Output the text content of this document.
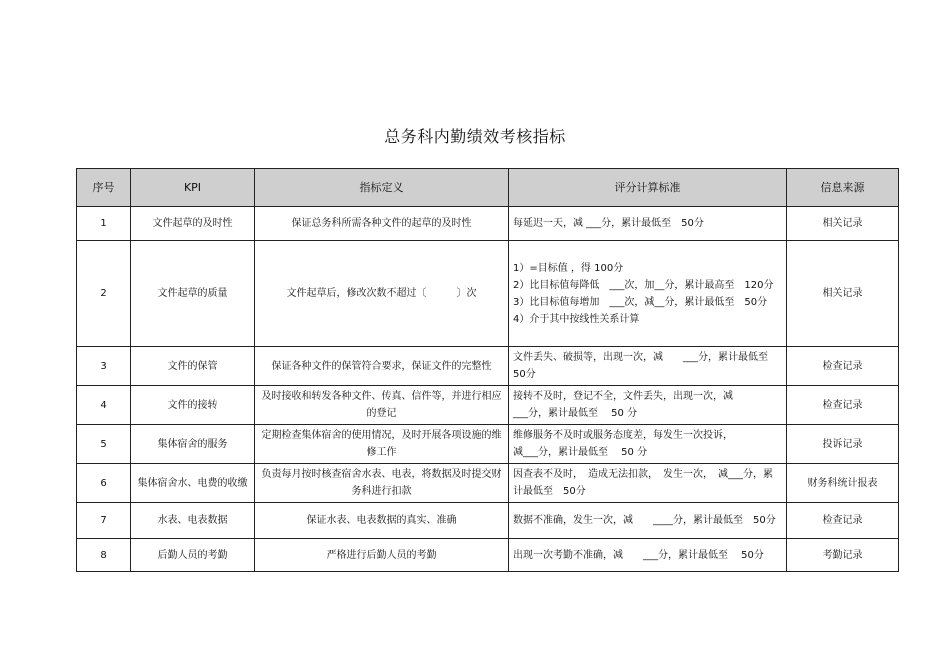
总务科内勤绩效考核指标
序号	KPI	指标定义	评分计算标准	信息来源
1	文件起草的及时性	保证总务科所需各种文件的起草的及时性	每延迟一天，减 ___分，累计最低至　50分	相关记录
2	文件起草的质量	文件起草后，修改次数不超过〔　　　〕次	1）=目标值 ，得 100分
2）比目标值每降低　___次，加__分，累计最高至　120分
3）比目标值每增加　___次，减__分，累计最低至　50分
4）介于其中按线性关系计算	相关记录
3	文件的保管	保证各种文件的保管符合要求，保证文件的完整性	文件丢失、破损等，出现一次，减　　___分，累计最低至 50分	检查记录
4	文件的接转	及时接收和转发各种文件、传真、信件等，并进行相应的登记	接转不及时，登记不全，文件丢失，出现一次，减
___分，累计最低至　 50 分	检查记录
5	集体宿舍的服务	定期检查集体宿舍的使用情况，及时开展各项设施的维修工作	维修服务不及时或服务态度差，每发生一次投诉，
减___分，累计最低至　 50 分	投诉记录
6	集体宿舍水、电费的收缴	负责每月按时核查宿舍水表、电表，将数据及时提交财务科进行扣款	因查表不及时，　造成无法扣款，　发生一次，　减___分，累计最低至　50分	财务科统计报表
7	水表、电表数据	保证水表、电表数据的真实、准确	数据不准确，发生一次，减　　____分，累计最低至　50分	检查记录
8	后勤人员的考勤	严格进行后勤人员的考勤	出现一次考勤不准确，减　　___分，累计最低至　 50分	考勤记录
